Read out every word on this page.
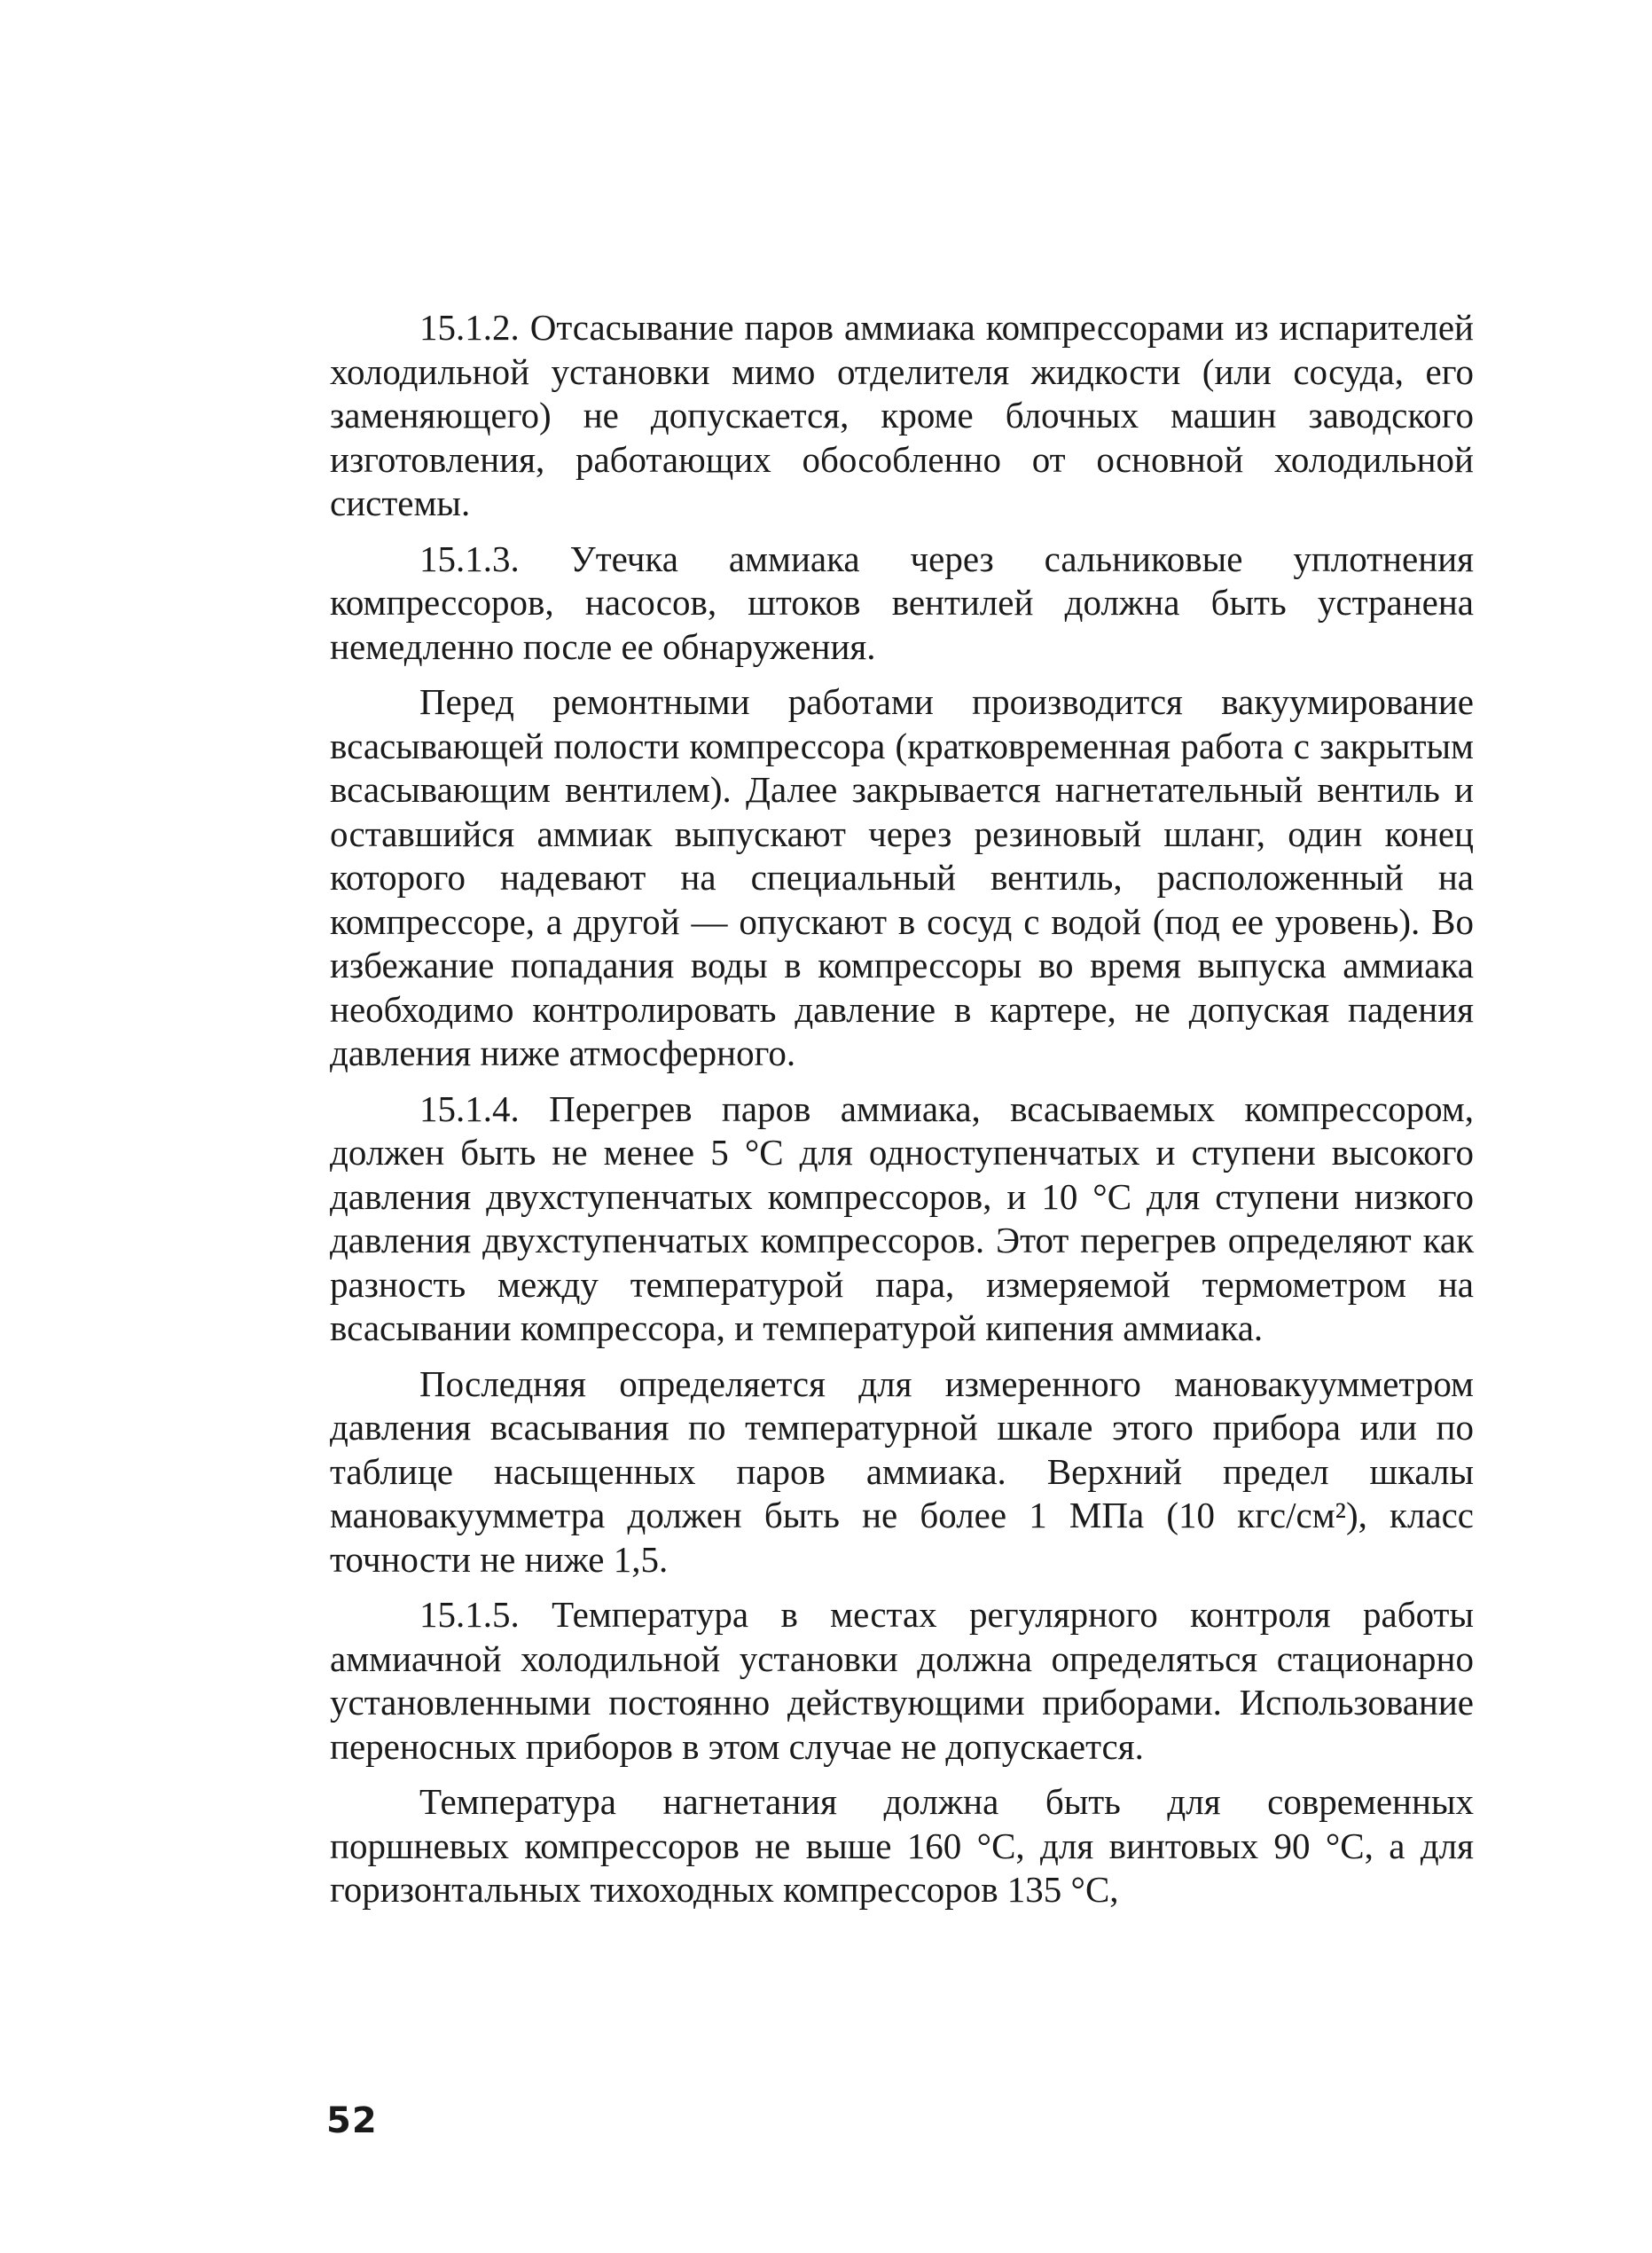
15.1.2. Отсасывание паров аммиака компрессорами из испарителей холодильной установки мимо отделителя жидкости (или сосуда, его заменяющего) не допускается, кроме блочных машин заводского изготовления, работающих обособленно от основной холодильной системы.

15.1.3. Утечка аммиака через сальниковые уплотнения компрессоров, насосов, штоков вентилей должна быть устранена немедленно после ее обнаружения.

Перед ремонтными работами производится вакуумирование всасывающей полости компрессора (кратковременная работа с закрытым всасывающим вентилем). Далее закрывается нагнетательный вентиль и оставшийся аммиак выпускают через резиновый шланг, один конец которого надевают на специальный вентиль, расположенный на компрессоре, а другой — опускают в сосуд с водой (под ее уровень). Во избежание попадания воды в компрессоры во время выпуска аммиака необходимо контролировать давление в картере, не допуская падения давления ниже атмосферного.

15.1.4. Перегрев паров аммиака, всасываемых компрессором, должен быть не менее 5 °С для одноступенчатых и ступени высокого давления двухступенчатых компрессоров, и 10 °С для ступени низкого давления двухступенчатых компрессоров. Этот перегрев определяют как разность между температурой пара, измеряемой термометром на всасывании компрессора, и температурой кипения аммиака.

Последняя определяется для измеренного мановакуумметром давления всасывания по температурной шкале этого прибора или по таблице насыщенных паров аммиака. Верхний предел шкалы мановакуумметра должен быть не более 1 МПа (10 кгс/см²), класс точности не ниже 1,5.

15.1.5. Температура в местах регулярного контроля работы аммиачной холодильной установки должна определяться стационарно установленными постоянно действующими приборами. Использование переносных приборов в этом случае не допускается.

Температура нагнетания должна быть для современных поршневых компрессоров не выше 160 °С, для винтовых 90 °С, а для горизонтальных тихоходных компрессоров 135 °С,

52
